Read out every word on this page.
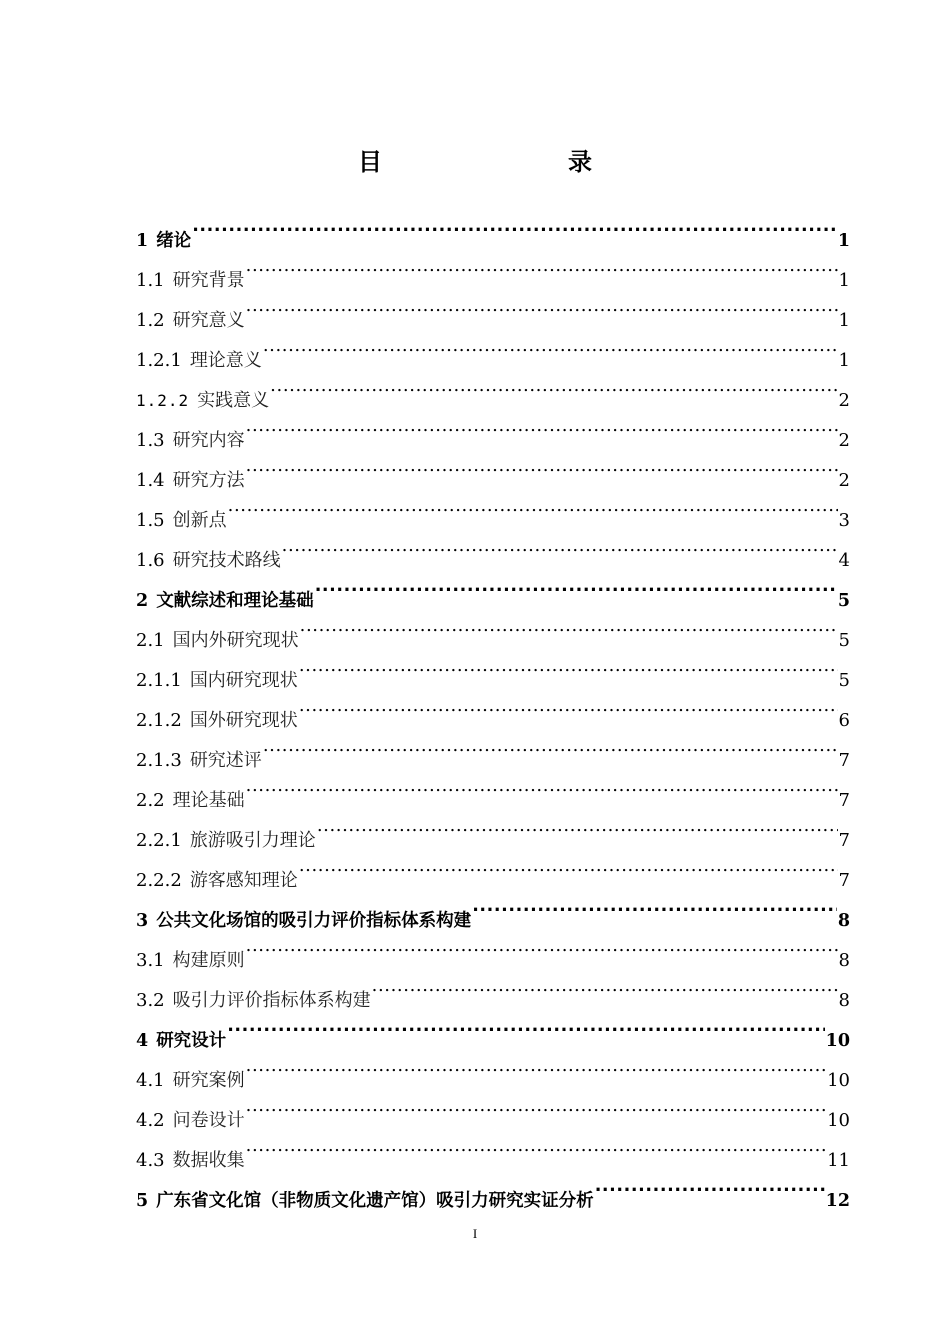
目　　录
1 绪论 .....	1
1.1 研究背景 .....	1
1.2 研究意义 .....	1
1.2.1 理论意义 .....	1
1.2.2 实践意义 .....	2
1.3 研究内容 .....	2
1.4 研究方法 .....	2
1.5 创新点 .....	3
1.6 研究技术路线 .....	4
2 文献综述和理论基础 .....	5
2.1 国内外研究现状 .....	5
2.1.1 国内研究现状 .....	5
2.1.2 国外研究现状 .....	6
2.1.3 研究述评 .....	7
2.2 理论基础 .....	7
2.2.1 旅游吸引力理论 .....	7
2.2.2 游客感知理论 .....	7
3 公共文化场馆的吸引力评价指标体系构建 .....	8
3.1 构建原则 .....	8
3.2 吸引力评价指标体系构建 .....	8
4 研究设计 .....	10
4.1 研究案例 .....	10
4.2 问卷设计 .....	10
4.3 数据收集 .....	11
5 广东省文化馆（非物质文化遗产馆）吸引力研究实证分析 .....	12
I
